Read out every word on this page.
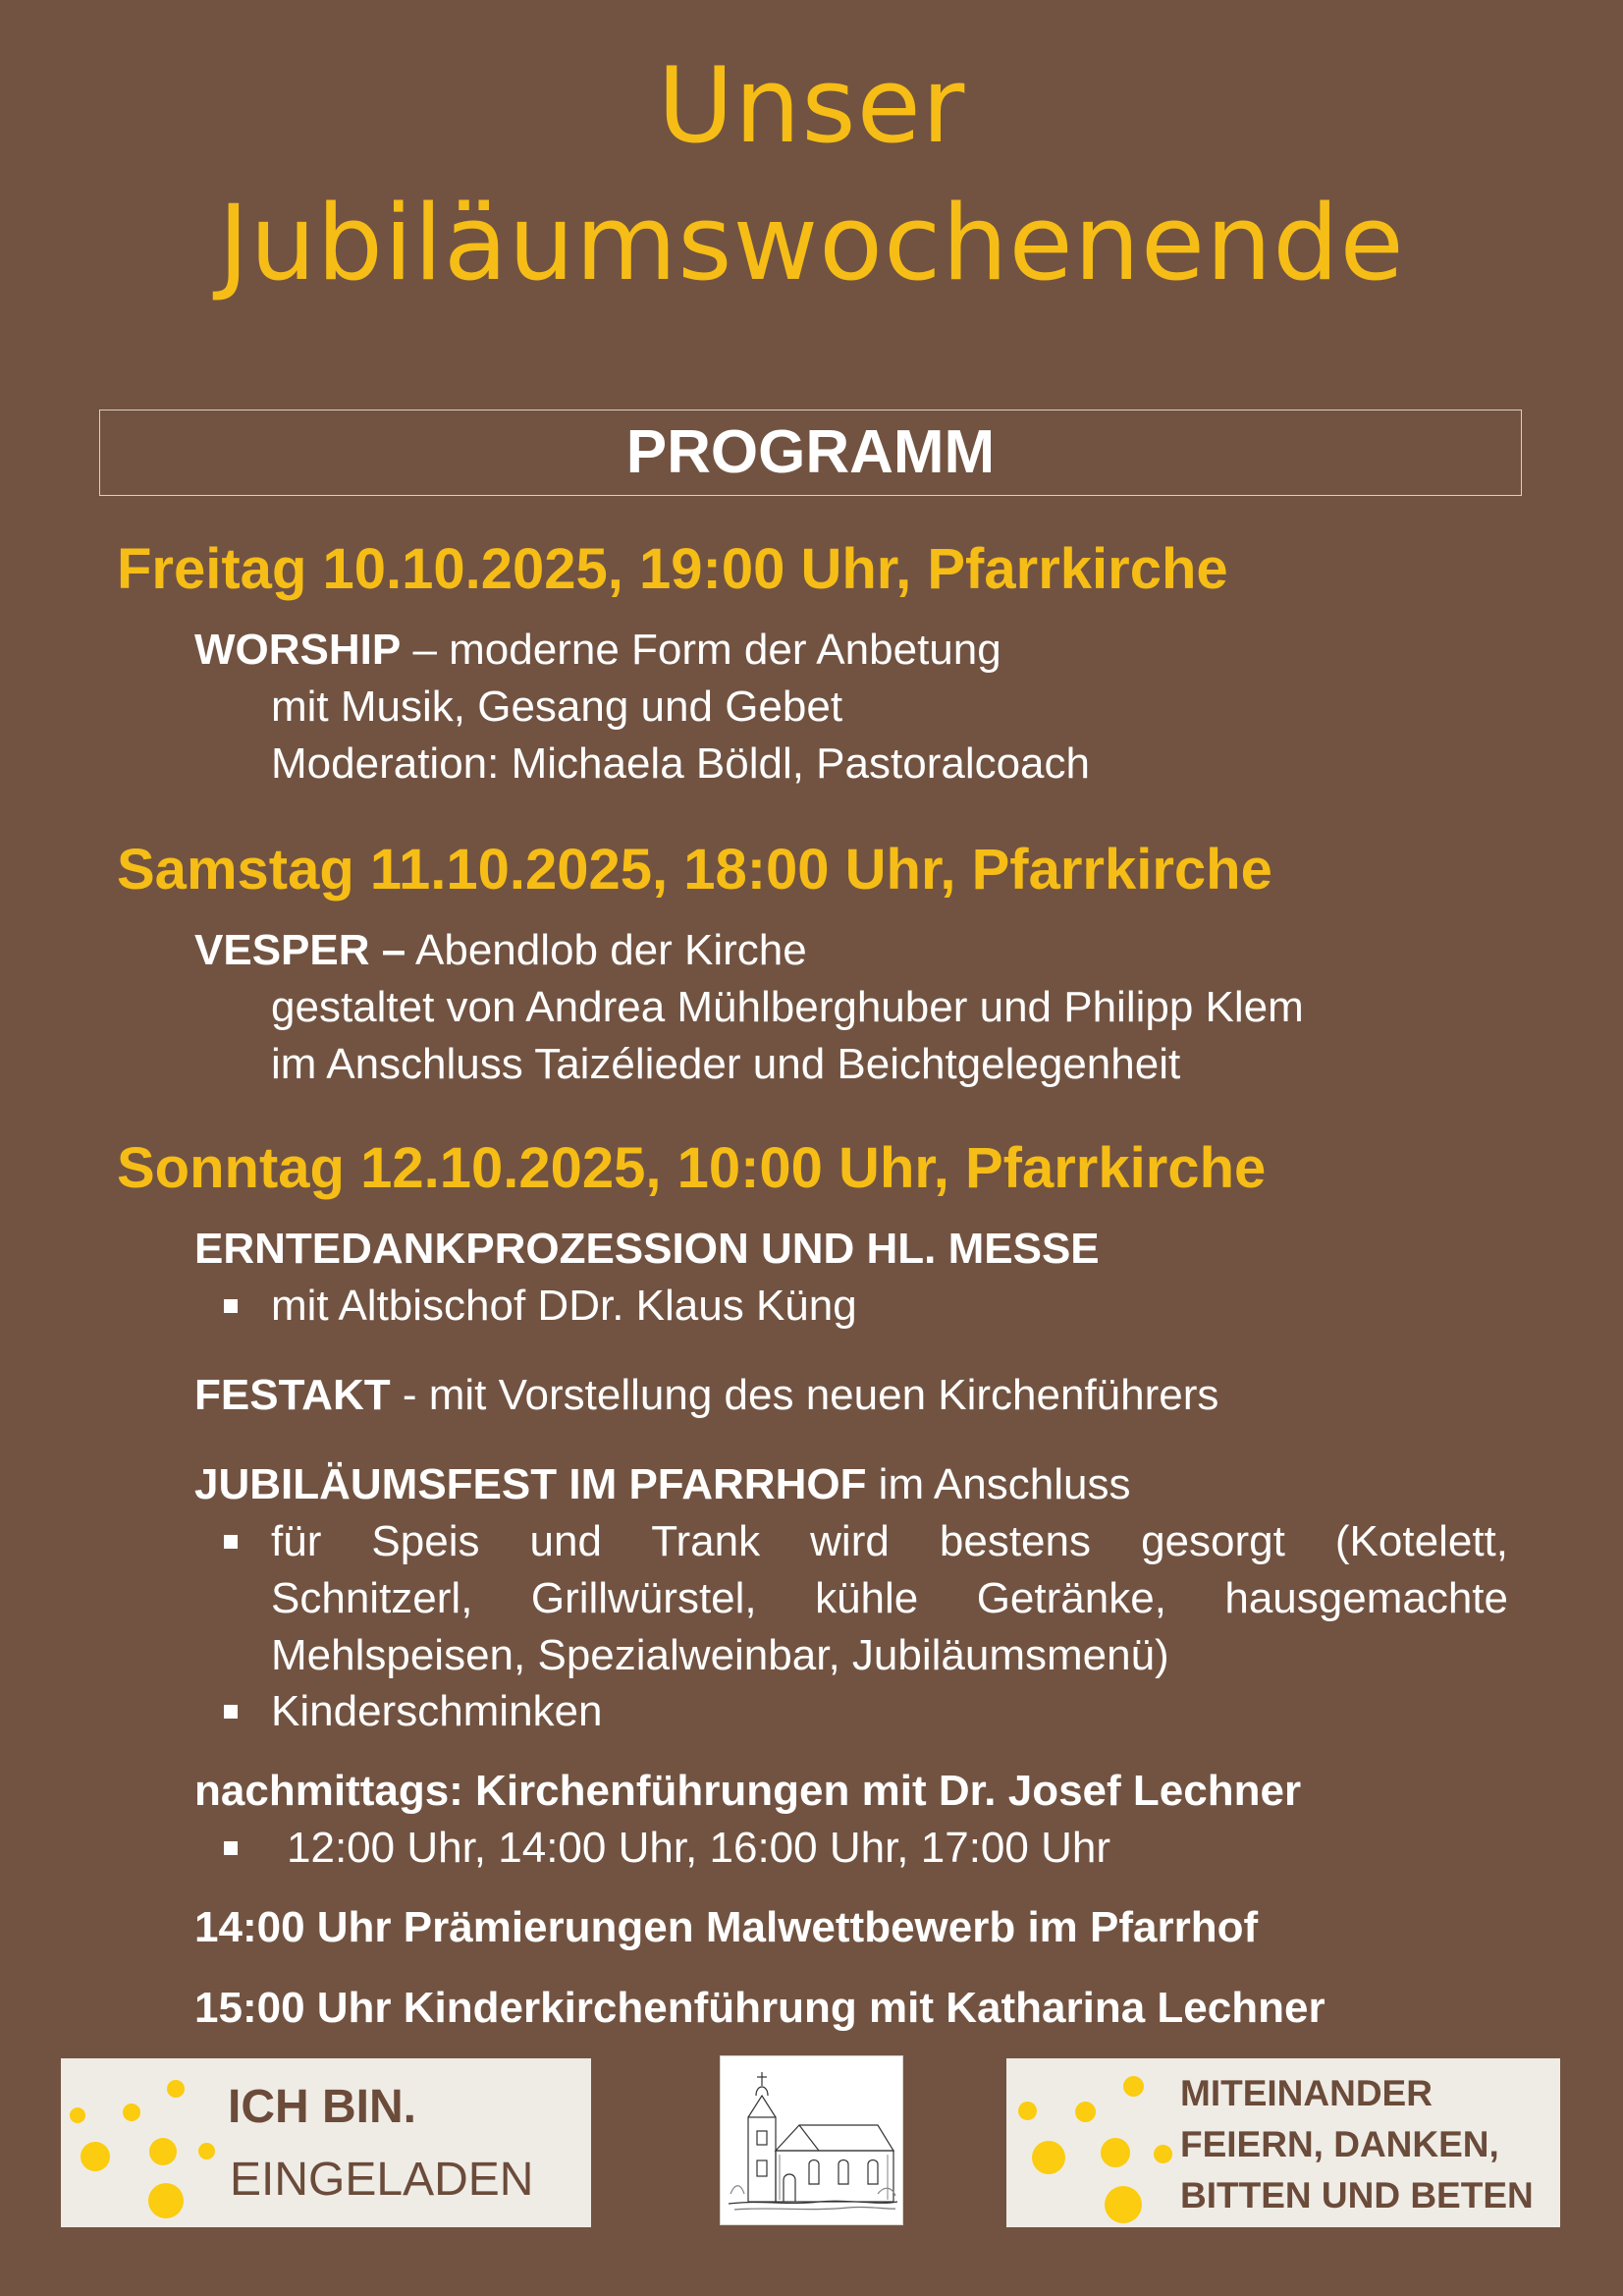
Unser
Jubiläumswochenende
PROGRAMM
Freitag 10.10.2025, 19:00 Uhr, Pfarrkirche
WORSHIP – moderne Form der Anbetung
mit Musik, Gesang und Gebet
Moderation: Michaela Böldl, Pastoralcoach
Samstag 11.10.2025, 18:00 Uhr, Pfarrkirche
VESPER – Abendlob der Kirche
gestaltet von Andrea Mühlberghuber und Philipp Klem
im Anschluss Taizélieder und Beichtgelegenheit
Sonntag 12.10.2025, 10:00 Uhr, Pfarrkirche
ERNTEDANKPROZESSION UND HL. MESSE
mit Altbischof DDr. Klaus Küng
FESTAKT - mit Vorstellung des neuen Kirchenführers
JUBILÄUMSFEST IM PFARRHOF im Anschluss
für Speis und Trank wird bestens gesorgt (Kotelett,
Schnitzerl, Grillwürstel, kühle Getränke, hausgemachte
Mehlspeisen, Spezialweinbar, Jubiläumsmenü)
Kinderschminken
nachmittags: Kirchenführungen mit Dr. Josef Lechner
12:00 Uhr, 14:00 Uhr, 16:00 Uhr, 17:00 Uhr
14:00 Uhr Prämierungen Malwettbewerb im Pfarrhof
15:00 Uhr Kinderkirchenführung mit Katharina Lechner
ICH BIN.
EINGELADEN
MITEINANDER
FEIERN, DANKEN,
BITTEN UND BETEN
